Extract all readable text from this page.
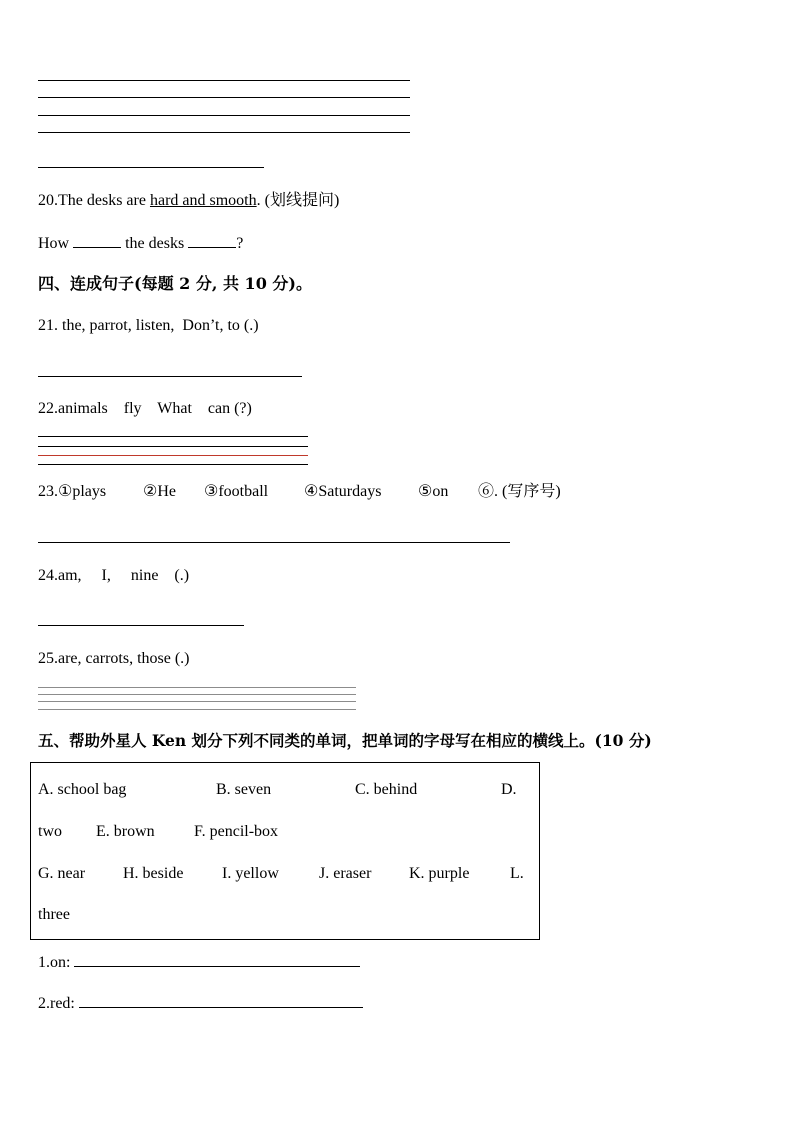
20.The desks are hard and smooth. (划线提问)
How	the desks	?
四、连成句子(每题 2 分, 共 10 分)。
21. the, parrot, listen,  Don’t, to (.)
22.animals    fly    What    can (?)
23.①plays ②He ③football ④Saturdays ⑤on ⑥. (写序号)
24.am,     I,     nine    (.)
25.are, carrots, those (.)
五、帮助外星人 Ken 划分下列不同类的单词，把单词的字母写在相应的横线上。(10 分)
A. school bag	B. seven	C. behind	D.
two E. brown F. pencil-box
G. near H. beside I. yellow	J. eraser K. purple	L.
three
1.on:
2.red:
